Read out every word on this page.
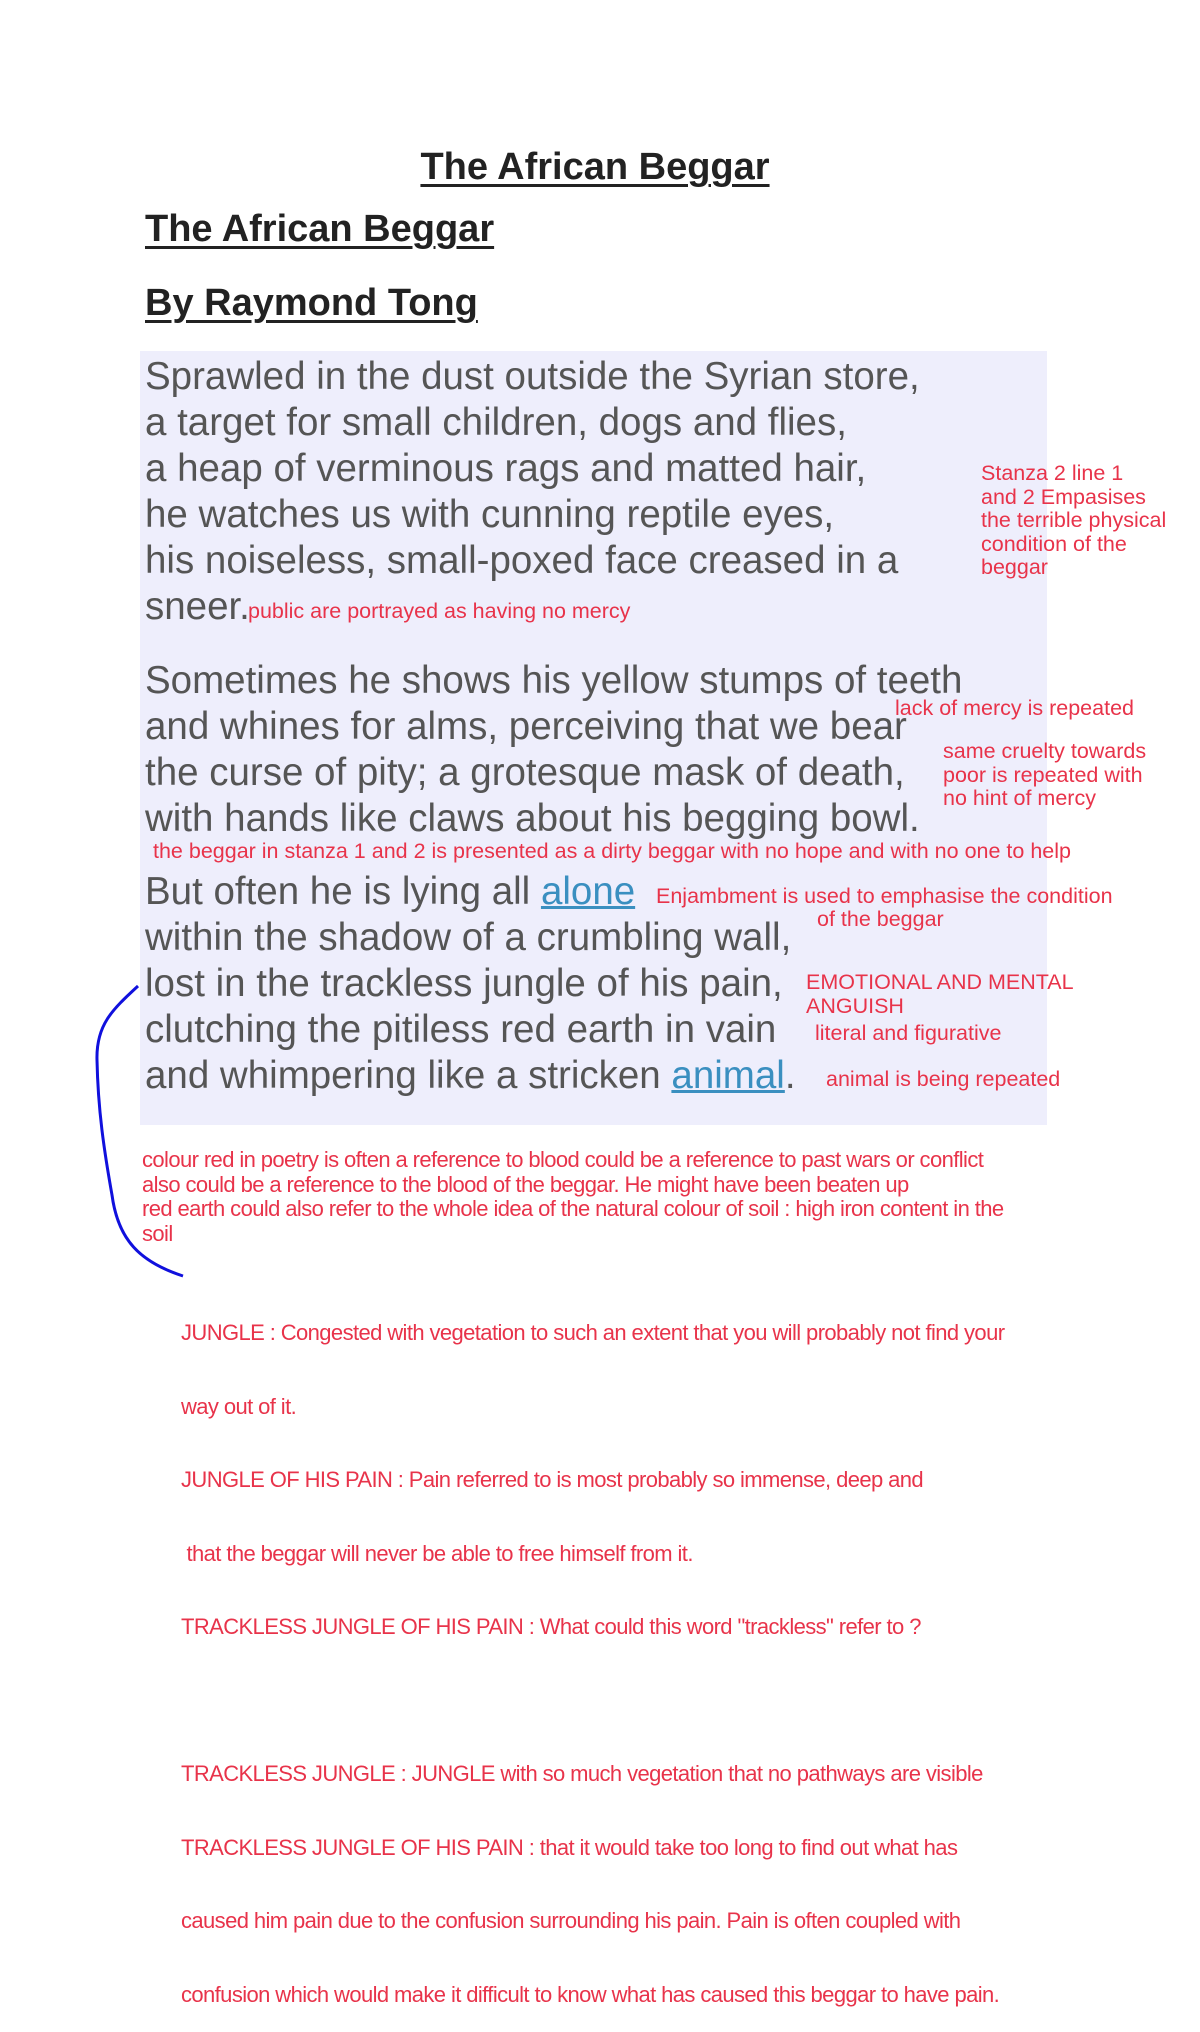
The African Beggar
The African Beggar
By Raymond Tong
Sprawled in the dust outside the Syrian store,
a target for small children, dogs and flies,
a heap of verminous rags and matted hair,
he watches us with cunning reptile eyes,
his noiseless, small-poxed face creased in a
sneer.
Sometimes he shows his yellow stumps of teeth
and whines for alms, perceiving that we bear
the curse of pity; a grotesque mask of death,
with hands like claws about his begging bowl.
But often he is lying all alone
within the shadow of a crumbling wall,
lost in the trackless jungle of his pain,
clutching the pitiless red earth in vain
and whimpering like a stricken animal.
Stanza 2 line 1
and 2 Empasises
the terrible physical
condition of the
beggar
public are portrayed as having no mercy
lack of mercy is repeated
same cruelty towards
poor is repeated with
no hint of mercy
the beggar in stanza 1 and 2 is presented as a dirty beggar with no hope and with no one to help
Enjambment is used to emphasise the condition
of the beggar
EMOTIONAL AND MENTAL
ANGUISH
literal and figurative
animal is being repeated
colour red in poetry is often a reference to blood could be a reference to past wars or conflict
also could be a reference to the blood of the beggar. He might have been beaten up
red earth could also refer to the whole idea of the natural colour of soil : high iron content in the
soil

JUNGLE : Congested with vegetation to such an extent that you will probably not find your

way out of it.

JUNGLE OF HIS PAIN : Pain referred to is most probably so immense, deep and

that the beggar will never be able to free himself from it.

TRACKLESS JUNGLE OF HIS PAIN : What could this word "trackless" refer to ?

TRACKLESS JUNGLE : JUNGLE with so much vegetation that no pathways are visible

TRACKLESS JUNGLE OF HIS PAIN : that it would take too long to find out what has

caused him pain due to the confusion surrounding his pain. Pain is often coupled with

confusion which would make it difficult to know what has caused this beggar to have pain.
